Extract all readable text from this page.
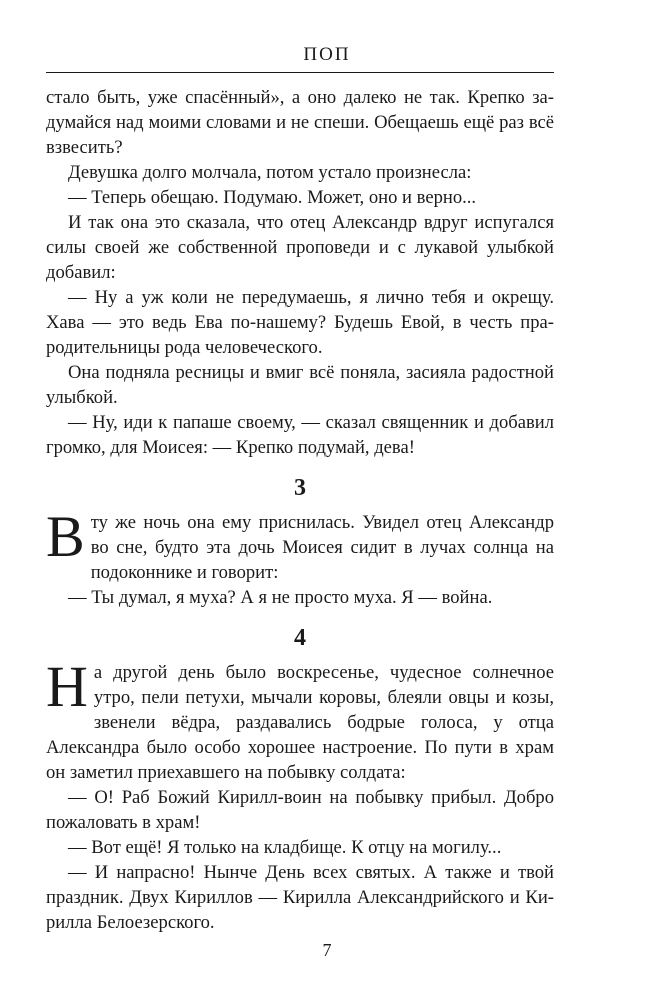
ПОП

стало быть, уже спасённый», а оно далеко не так. Крепко задумайся над моими словами и не спеши. Обещаешь ещё раз всё взвесить?

Девушка долго молчала, потом устало произнесла:

— Теперь обещаю. Подумаю. Может, оно и верно...

И так она это сказала, что отец Александр вдруг испугался силы своей же собственной проповеди и с лукавой улыбкой добавил:

— Ну а уж коли не передумаешь, я лично тебя и окрещу. Хава — это ведь Ева по-нашему? Будешь Евой, в честь прародительницы рода человеческого.

Она подняла ресницы и вмиг всё поняла, засияла радостной улыбкой.

— Ну, иди к папаше своему, — сказал священник и добавил громко, для Моисея: — Крепко подумай, дева!

3

В ту же ночь она ему приснилась. Увидел отец Александр во сне, будто эта дочь Моисея сидит в лучах солнца на подоконнике и говорит:

— Ты думал, я муха? А я не просто муха. Я — война.

4

На другой день было воскресенье, чудесное солнечное утро, пели петухи, мычали коровы, блеяли овцы и козы, звенели вёдра, раздавались бодрые голоса, у отца Александра было особо хорошее настроение. По пути в храм он заметил приехавшего на побывку солдата:

— О! Раб Божий Кирилл-воин на побывку прибыл. Добро пожаловать в храм!

— Вот ещё! Я только на кладбище. К отцу на могилу...

— И напрасно! Нынче День всех святых. А также и твой праздник. Двух Кириллов — Кирилла Александрийского и Кирилла Белоезерского.

7
